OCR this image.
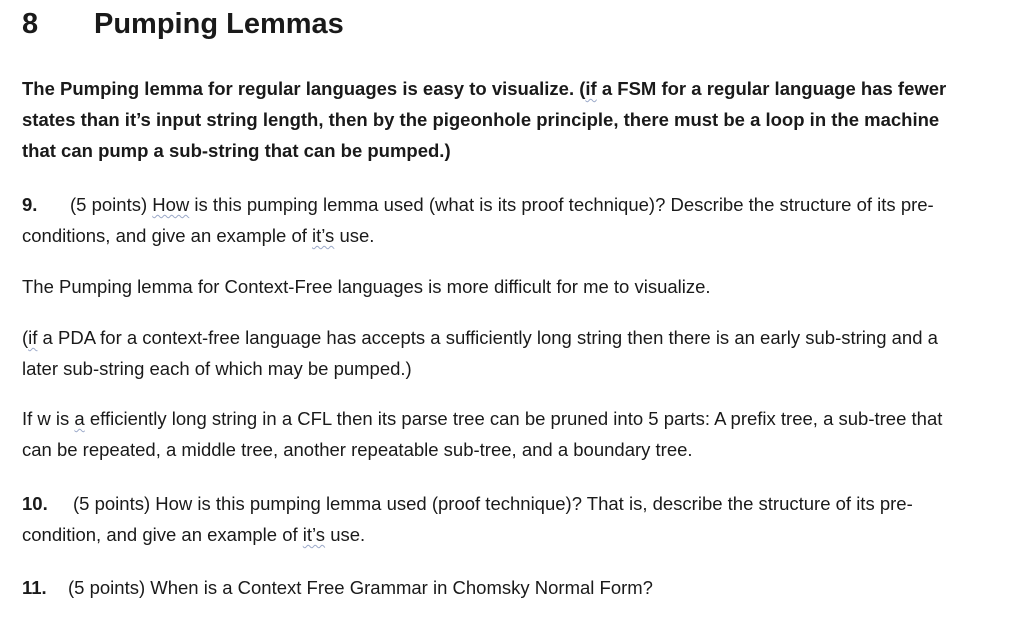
8 Pumping Lemmas

The Pumping lemma for regular languages is easy to visualize. (if a FSM for a regular language has fewer states than it’s input string length, then by the pigeonhole principle, there must be a loop in the machine that can pump a sub-string that can be pumped.)

9. (5 points) How is this pumping lemma used (what is its proof technique)? Describe the structure of its pre-conditions, and give an example of it’s use.

The Pumping lemma for Context-Free languages is more difficult for me to visualize.

(if a PDA for a context-free language has accepts a sufficiently long string then there is an early sub-string and a later sub-string each of which may be pumped.)

If w is a efficiently long string in a CFL then its parse tree can be pruned into 5 parts: A prefix tree, a sub-tree that can be repeated, a middle tree, another repeatable sub-tree, and a boundary tree.

10. (5 points) How is this pumping lemma used (proof technique)? That is, describe the structure of its pre-condition, and give an example of it’s use.

11. (5 points) When is a Context Free Grammar in Chomsky Normal Form?
